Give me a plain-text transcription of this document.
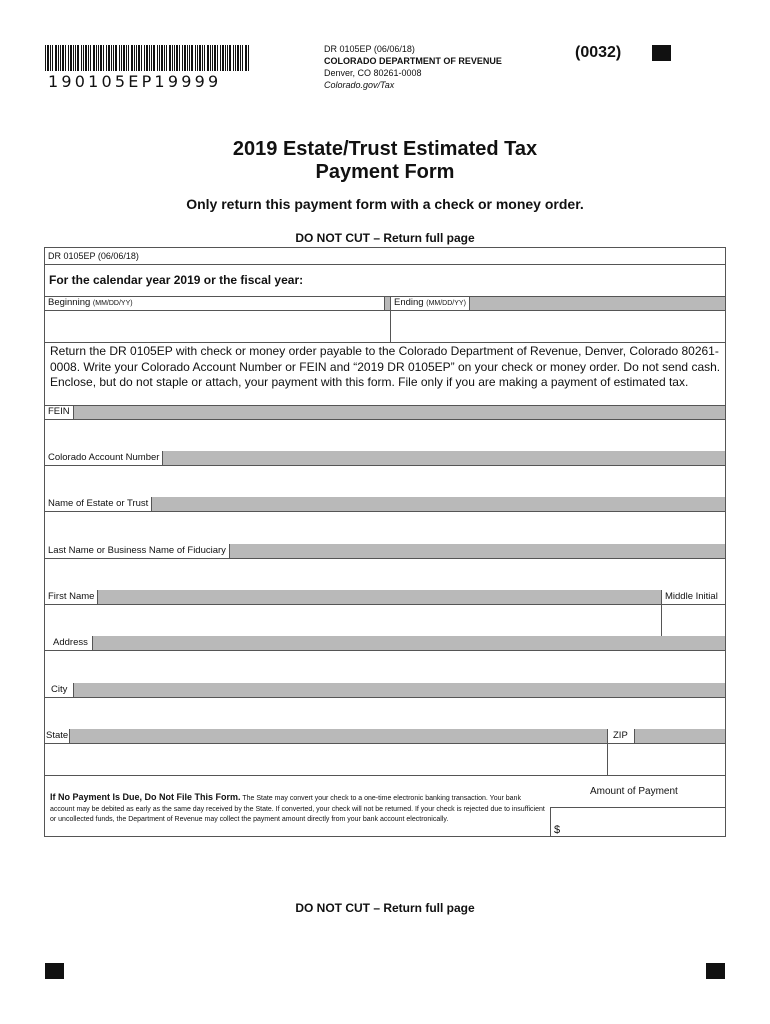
190105EP19999
DR 0105EP (06/06/18)
COLORADO DEPARTMENT OF REVENUE
Denver, CO 80261-0008
Colorado.gov/Tax
(0032)
2019 Estate/Trust Estimated Tax
Payment Form
Only return this payment form with a check or money order.
DO NOT CUT – Return full page
DR 0105EP (06/06/18)
For the calendar year 2019 or the fiscal year:
Beginning (MM/DD/YY)	Ending (MM/DD/YY)
Return the DR 0105EP with check or money order payable to the Colorado Department of Revenue, Denver, Colorado 80261-0008. Write your Colorado Account Number or FEIN and “2019 DR 0105EP” on your check or money order. Do not send cash. Enclose, but do not staple or attach, your payment with this form. File only if you are making a payment of estimated tax.
FEIN
Colorado Account Number
Name of Estate or Trust
Last Name or Business Name of Fiduciary
First Name	Middle Initial
Address
City
State	ZIP
If No Payment Is Due, Do Not File This Form. The State may convert your check to a one-time electronic banking transaction. Your bank account may be debited as early as the same day received by the State. If converted, your check will not be returned. If your check is rejected due to insufficient or uncollected funds, the Department of Revenue may collect the payment amount directly from your bank account electronically.
Amount of Payment
$
DO NOT CUT – Return full page
